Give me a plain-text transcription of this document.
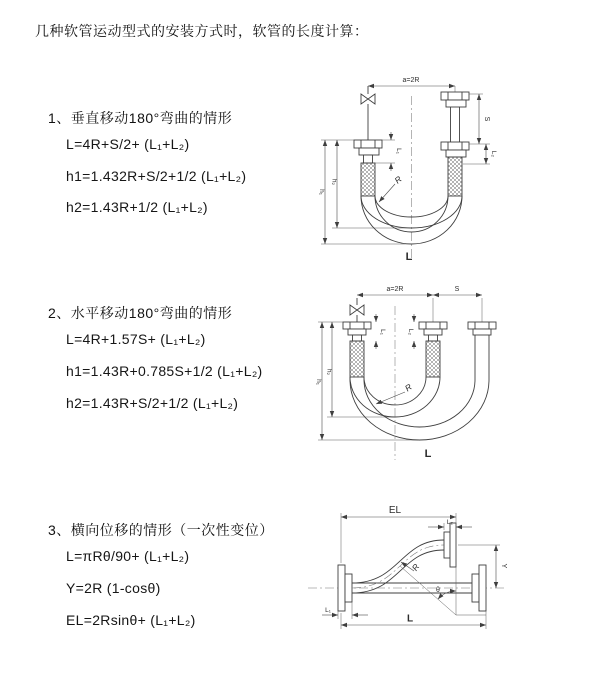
几种软管运动型式的安装方式时，软管的长度计算：
1、垂直移动180°弯曲的情形
L=4R+S/2+ (L₁+L₂)
h1=1.432R+S/2+1/2 (L₁+L₂)
h2=1.43R+1/2 (L₁+L₂)
a=2R
L₁
S
L₂
h₁
h₂	R
L
2、水平移动180°弯曲的情形
L=4R+1.57S+ (L₁+L₂)
h1=1.43R+0.785S+1/2 (L₁+L₂)
h2=1.43R+S/2+1/2 (L₁+L₂)
a=2R	S
L₁	L₂
h₁
h₂
R
L
3、横向位移的情形（一次性变位）
L=πRθ/90+ (L₁+L₂)
Y=2R (1-cosθ)
EL=2Rsinθ+ (L₁+L₂)
EL
L₂
Y
θ
R
L₁
L
